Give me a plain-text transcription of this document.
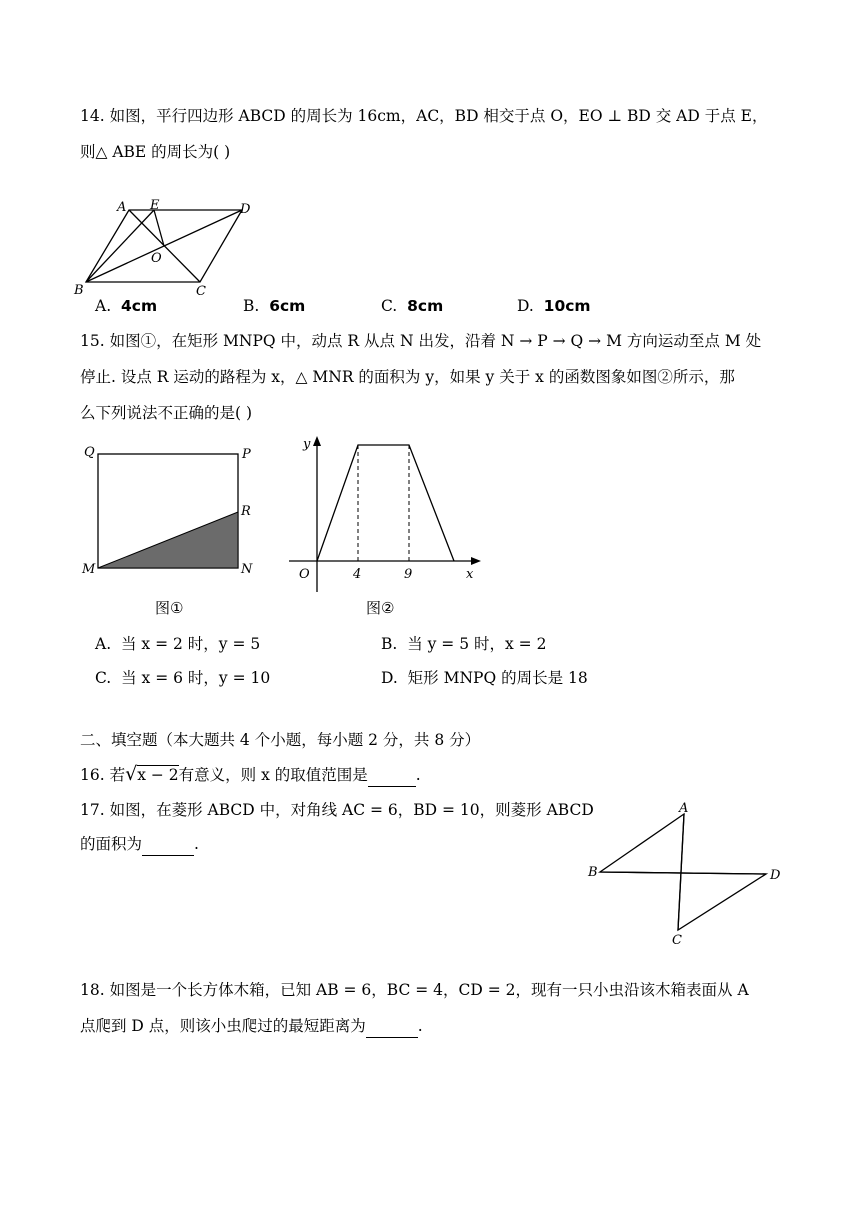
14. 如图，平行四边形 ABCD 的周长为 16cm，AC，BD 相交于点 O，EO ⊥ BD 交 AD 于点 E，
则△ ABE 的周长为( )
A E	D
O
B	C
A. 4cm	B. 6cm	C. 8cm	D. 10cm
15. 如图①，在矩形 MNPQ 中，动点 R 从点 N 出发，沿着 N → P → Q → M 方向运动至点 M 处
停止. 设点 R 运动的路程为 x，△ MNR 的面积为 y，如果 y 关于 x 的函数图象如图②所示，那
么下列说法不正确的是( )
Q	P
R
M	N
图①
y
O	4	9	x
图②
A. 当 x = 2 时，y = 5	B. 当 y = 5 时，x = 2
C. 当 x = 6 时，y = 10	D. 矩形 MNPQ 的周长是 18
二、填空题（本大题共 4 个小题，每小题 2 分，共 8 分）
16. 若√x − 2有意义，则 x 的取值范围是	.
17. 如图，在菱形 ABCD 中，对角线 AC = 6，BD = 10，则菱形 ABCD
的面积为	.
A
B
C
D
18. 如图是一个长方体木箱，已知 AB = 6，BC = 4，CD = 2，现有一只小虫沿该木箱表面从 A
点爬到 D 点，则该小虫爬过的最短距离为	.
